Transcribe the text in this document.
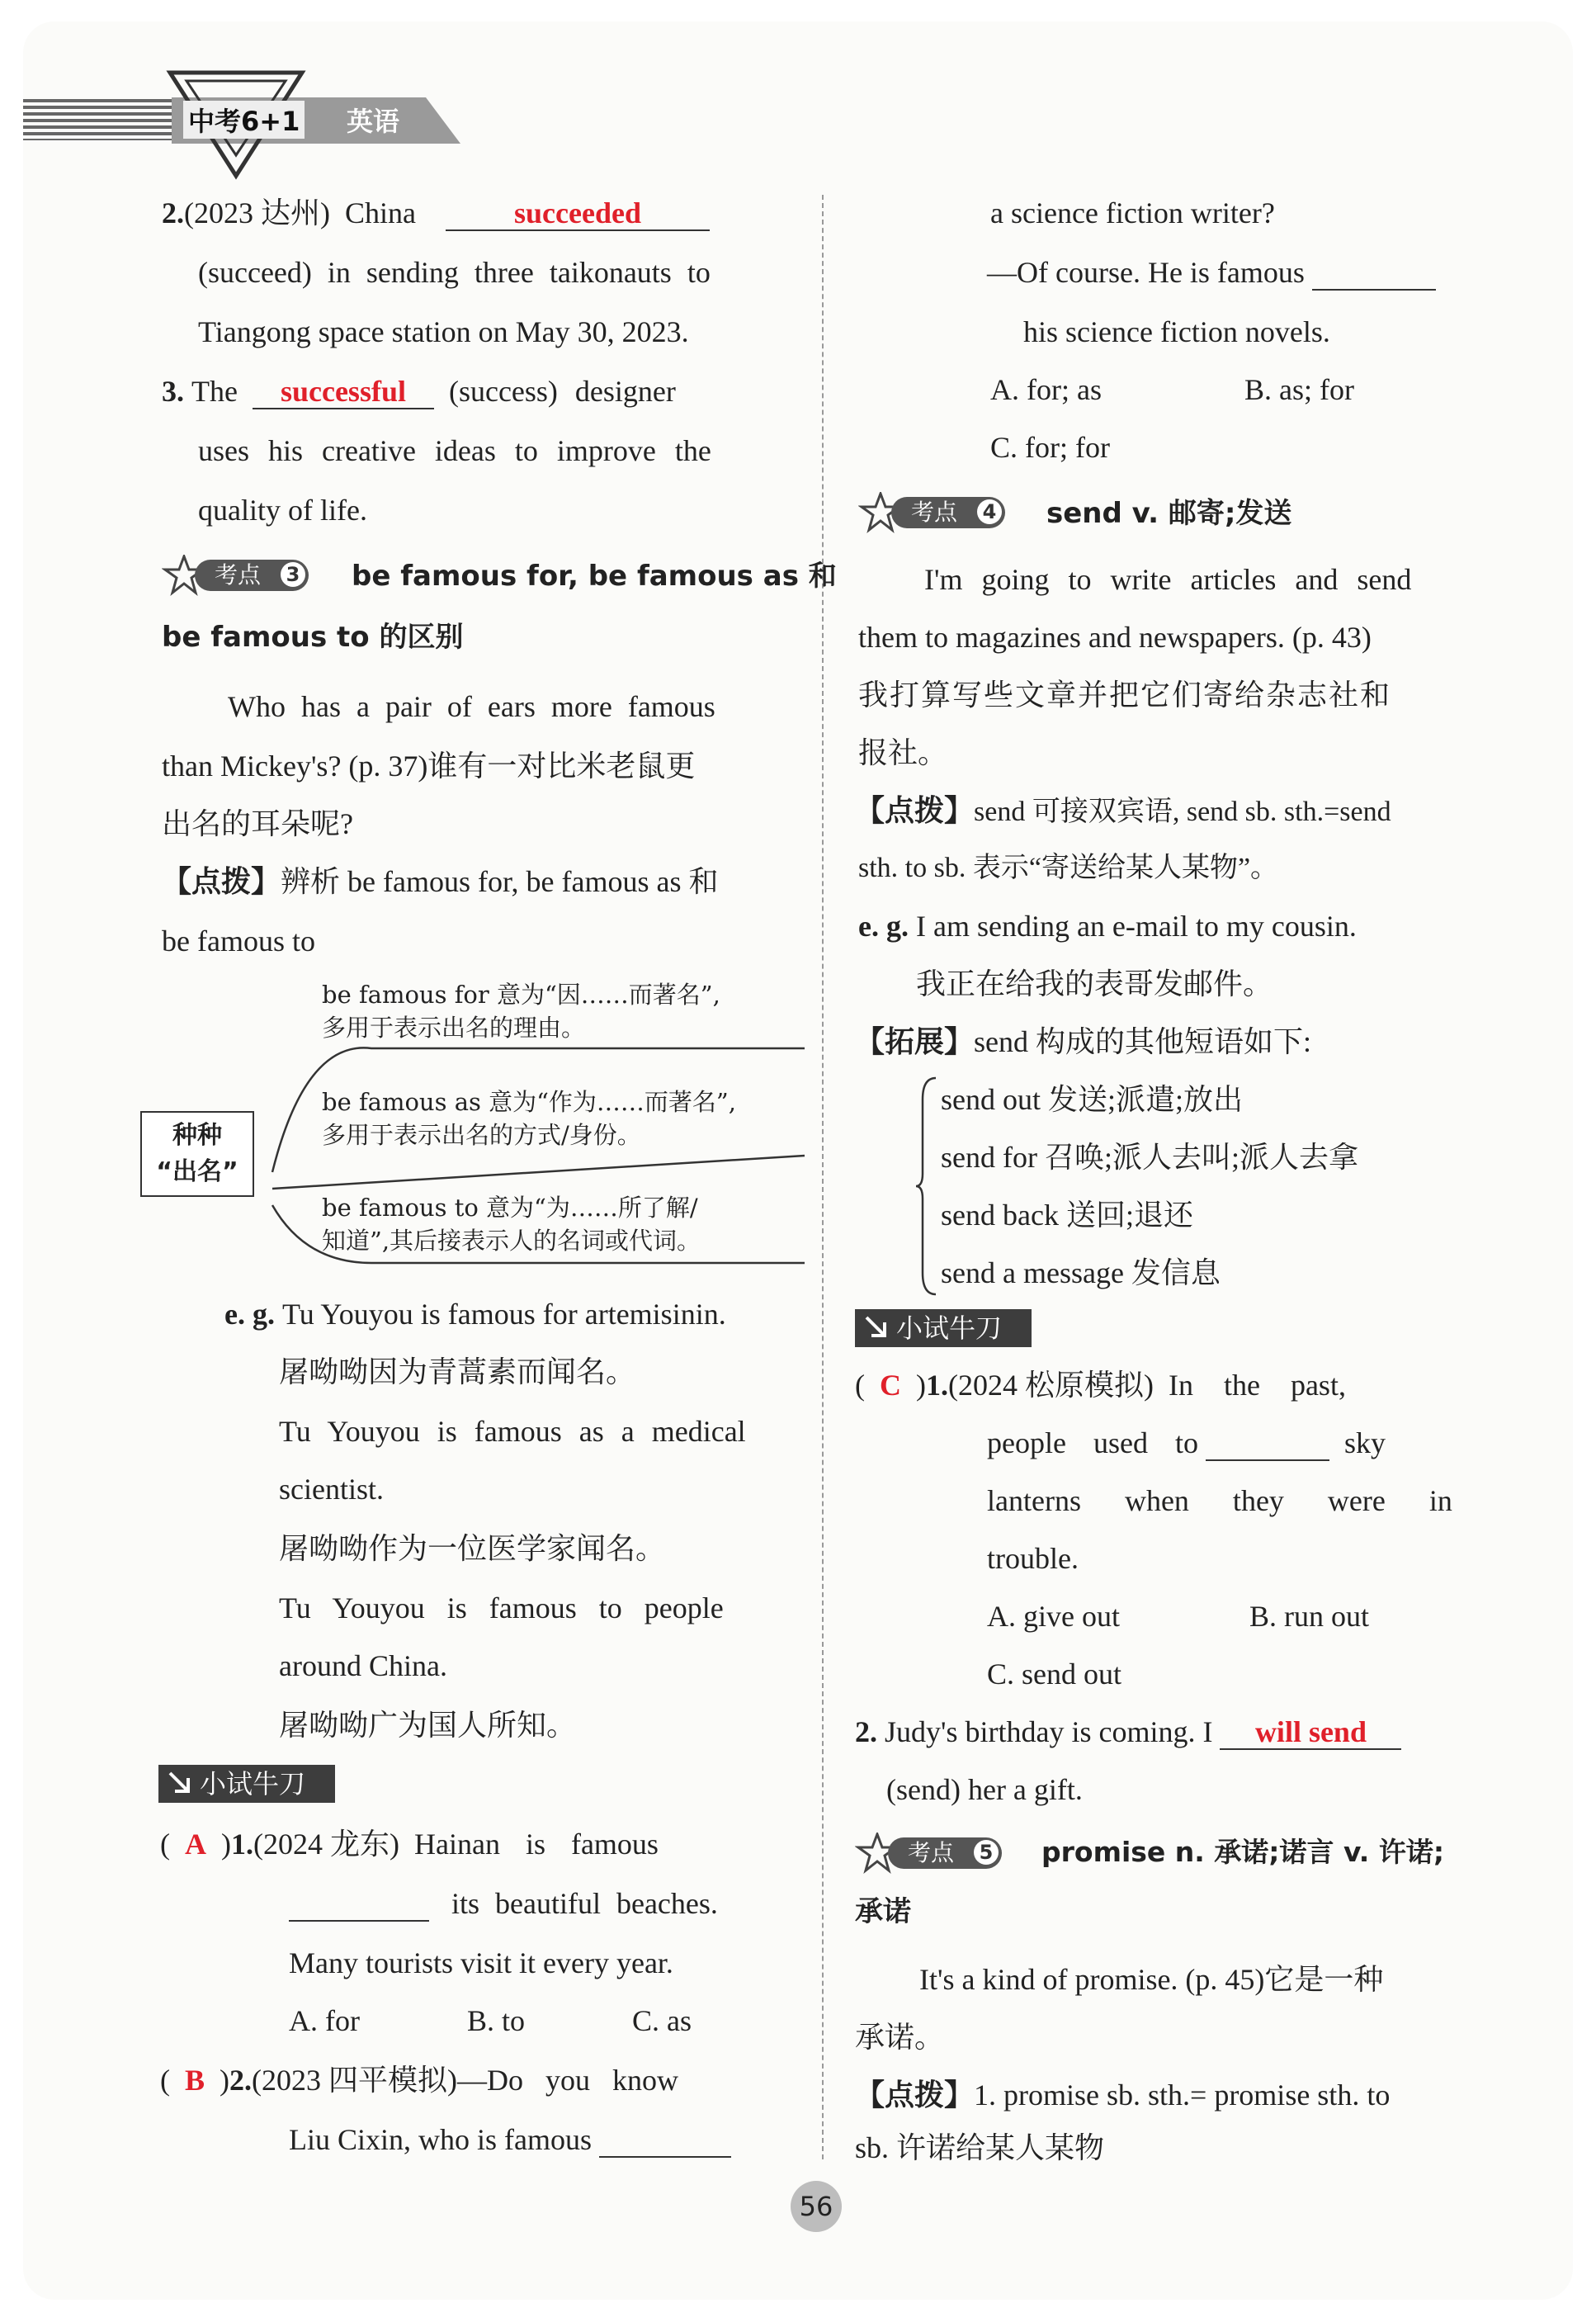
中考6+1 英语
2.(2023 达州) China	succeeded
(succeed) in sending three taikonauts to
Tiangong space station on May 30, 2023.
3. The successful (success) designer
uses his creative ideas to improve the
quality of life.
考点 3 be famous for, be famous as 和
be famous to 的区别
Who has a pair of ears more famous
than Mickey's? (p. 37)谁有一对比米老鼠更
出名的耳朵呢?
【点拨】辨析 be famous for, be famous as 和
be famous to
种种
“出名”
be famous for 意为“因……而著名”,
多用于表示出名的理由。
be famous as 意为“作为……而著名”,
多用于表示出名的方式/身份。
be famous to 意为“为……所了解/
知道”,其后接表示人的名词或代词。
e. g. Tu Youyou is famous for artemisinin.
屠呦呦因为青蒿素而闻名。
Tu Youyou is famous as a medical
scientist.
屠呦呦作为一位医学家闻名。
Tu Youyou is famous to people
around China.
屠呦呦广为国人所知。
小试牛刀
(  A  )1.(2024 龙东) Hainan is famous
its beautiful beaches.
Many tourists visit it every year.
A. for	B. to	C. as
(  B  )2.(2023 四平模拟)—Do you know
Liu Cixin, who is famous
a science fiction writer?
—Of course. He is famous
his science fiction novels.
A. for; as	B. as; for
C. for; for
考点 4 send v. 邮寄;发送
I'm going to write articles and send
them to magazines and newspapers. (p. 43)
我打算写些文章并把它们寄给杂志社和
报社。
【点拨】send 可接双宾语, send sb. sth.=send
sth. to sb. 表示“寄送给某人某物”。
e. g. I am sending an e-mail to my cousin.
我正在给我的表哥发邮件。
【拓展】send 构成的其他短语如下:
send out 发送;派遣;放出
send for 召唤;派人去叫;派人去拿
send back 送回;退还
send a message 发信息
小试牛刀
(  C  )1.(2024 松原模拟) In the past,
people used to	sky
lanterns when they were in
trouble.
A. give out	B. run out
C. send out
2. Judy's birthday is coming. I will send
(send) her a gift.
考点 5 promise n. 承诺;诺言 v. 许诺;
承诺
It's a kind of promise. (p. 45)它是一种
承诺。
【点拨】1. promise sb. sth.= promise sth. to
sb. 许诺给某人某物
56
